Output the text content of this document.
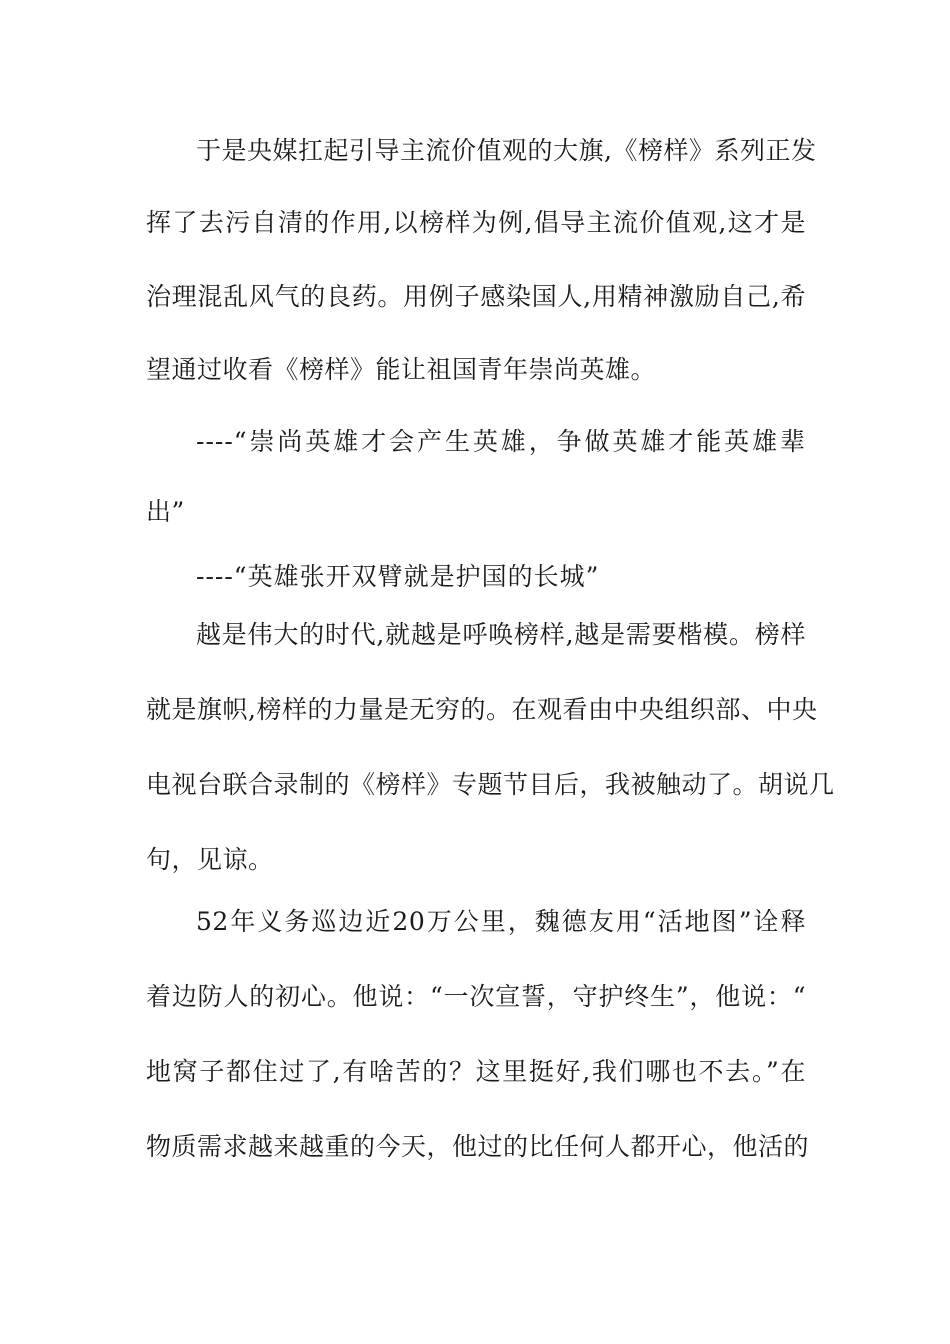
于是央媒扛起引导主流价值观的大旗,《榜样》系列正发
挥了去污自清的作用,以榜样为例,倡导主流价值观,这才是
治理混乱风气的良药。用例子感染国人,用精神激励自己,希
望通过收看《榜样》能让祖国青年崇尚英雄。
----“崇尚英雄才会产生英雄，争做英雄才能英雄辈
出”
----“英雄张开双臂就是护国的长城”
越是伟大的时代,就越是呼唤榜样,越是需要楷模。榜样
就是旗帜,榜样的力量是无穷的。在观看由中央组织部、中央
电视台联合录制的《榜样》专题节目后，我被触动了。胡说几
句，见谅。
52年义务巡边近20万公里，魏德友用“活地图”诠释
着边防人的初心。他说：“一次宣誓，守护终生”，他说：“
地窝子都住过了,有啥苦的？这里挺好,我们哪也不去。”在
物质需求越来越重的今天，他过的比任何人都开心，他活的
